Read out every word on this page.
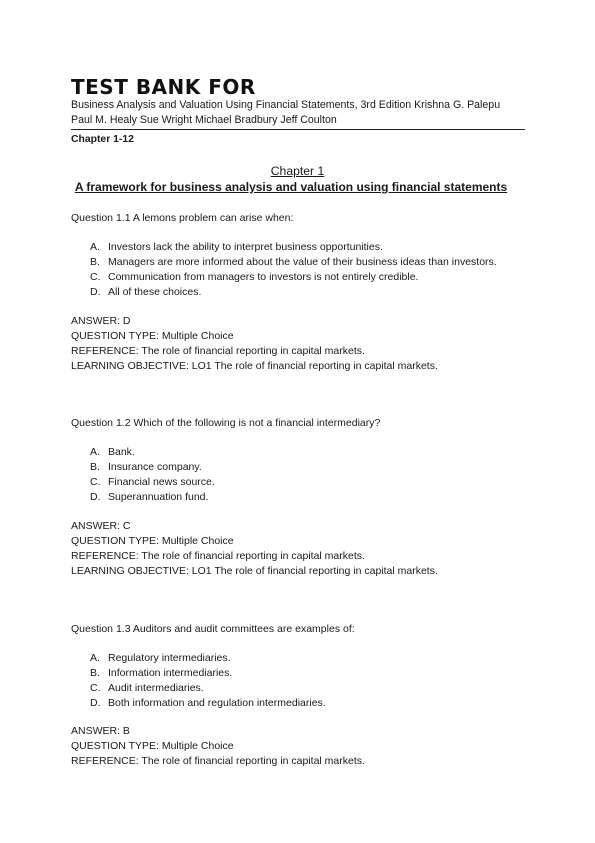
TEST BANK FOR
Business Analysis and Valuation Using Financial Statements, 3rd Edition Krishna G. Palepu
Paul M. Healy Sue Wright Michael Bradbury Jeff Coulton
Chapter 1-12
Chapter 1
A framework for business analysis and valuation using financial statements

Question 1.1 A lemons problem can arise when:

A. Investors lack the ability to interpret business opportunities.
B. Managers are more informed about the value of their business ideas than investors.
C. Communication from managers to investors is not entirely credible.
D. All of these choices.
ANSWER: D
QUESTION TYPE: Multiple Choice
REFERENCE: The role of financial reporting in capital markets.
LEARNING OBJECTIVE: LO1 The role of financial reporting in capital markets.

Question 1.2 Which of the following is not a financial intermediary?

A. Bank.
B. Insurance company.
C. Financial news source.
D. Superannuation fund.
ANSWER: C
QUESTION TYPE: Multiple Choice
REFERENCE: The role of financial reporting in capital markets.
LEARNING OBJECTIVE: LO1 The role of financial reporting in capital markets.

Question 1.3 Auditors and audit committees are examples of:

A. Regulatory intermediaries.
B. Information intermediaries.
C. Audit intermediaries.
D. Both information and regulation intermediaries.
ANSWER: B
QUESTION TYPE: Multiple Choice
REFERENCE: The role of financial reporting in capital markets.
